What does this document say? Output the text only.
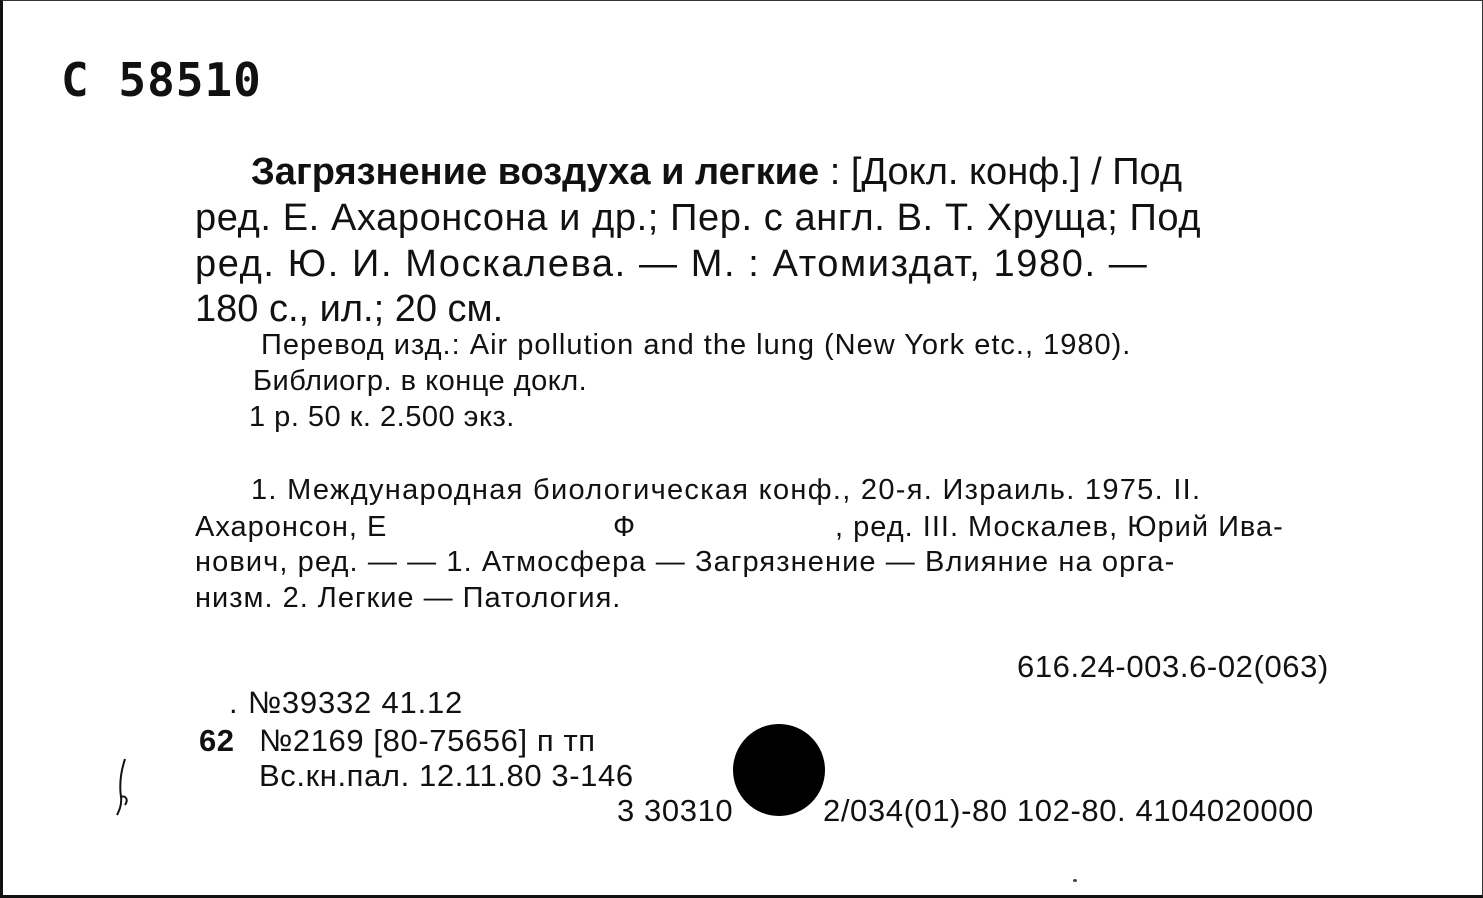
С 58510
Загрязнение воздуха и легкие : [Докл. конф.] / Под
ред. Е. Ахаронсона и др.; Пер. с англ. В. Т. Хруща; Под
ред. Ю. И. Москалева. — М. : Атомиздат, 1980. —
180 с., ил.; 20 см.
Перевод изд.: Air pollution and the lung (New York etc., 1980).
Библиогр. в конце докл.
1 р. 50 к. 2.500 экз.
1. Международная биологическая конф., 20-я. Израиль. 1975. II.
Ахаронсон, Е	Ф	, ред. III. Москалев, Юрий Ива-
нович, ред. — — 1. Атмосфера — Загрязнение — Влияние на орга-
низм. 2. Легкие — Патология.
616.24-003.6-02(063)
. №39332 41.12
62 №2169 [80-75656] п тп
Вс.кн.пал. 12.11.80 3-146
3 30310	2/034(01)-80 102-80. 4104020000
